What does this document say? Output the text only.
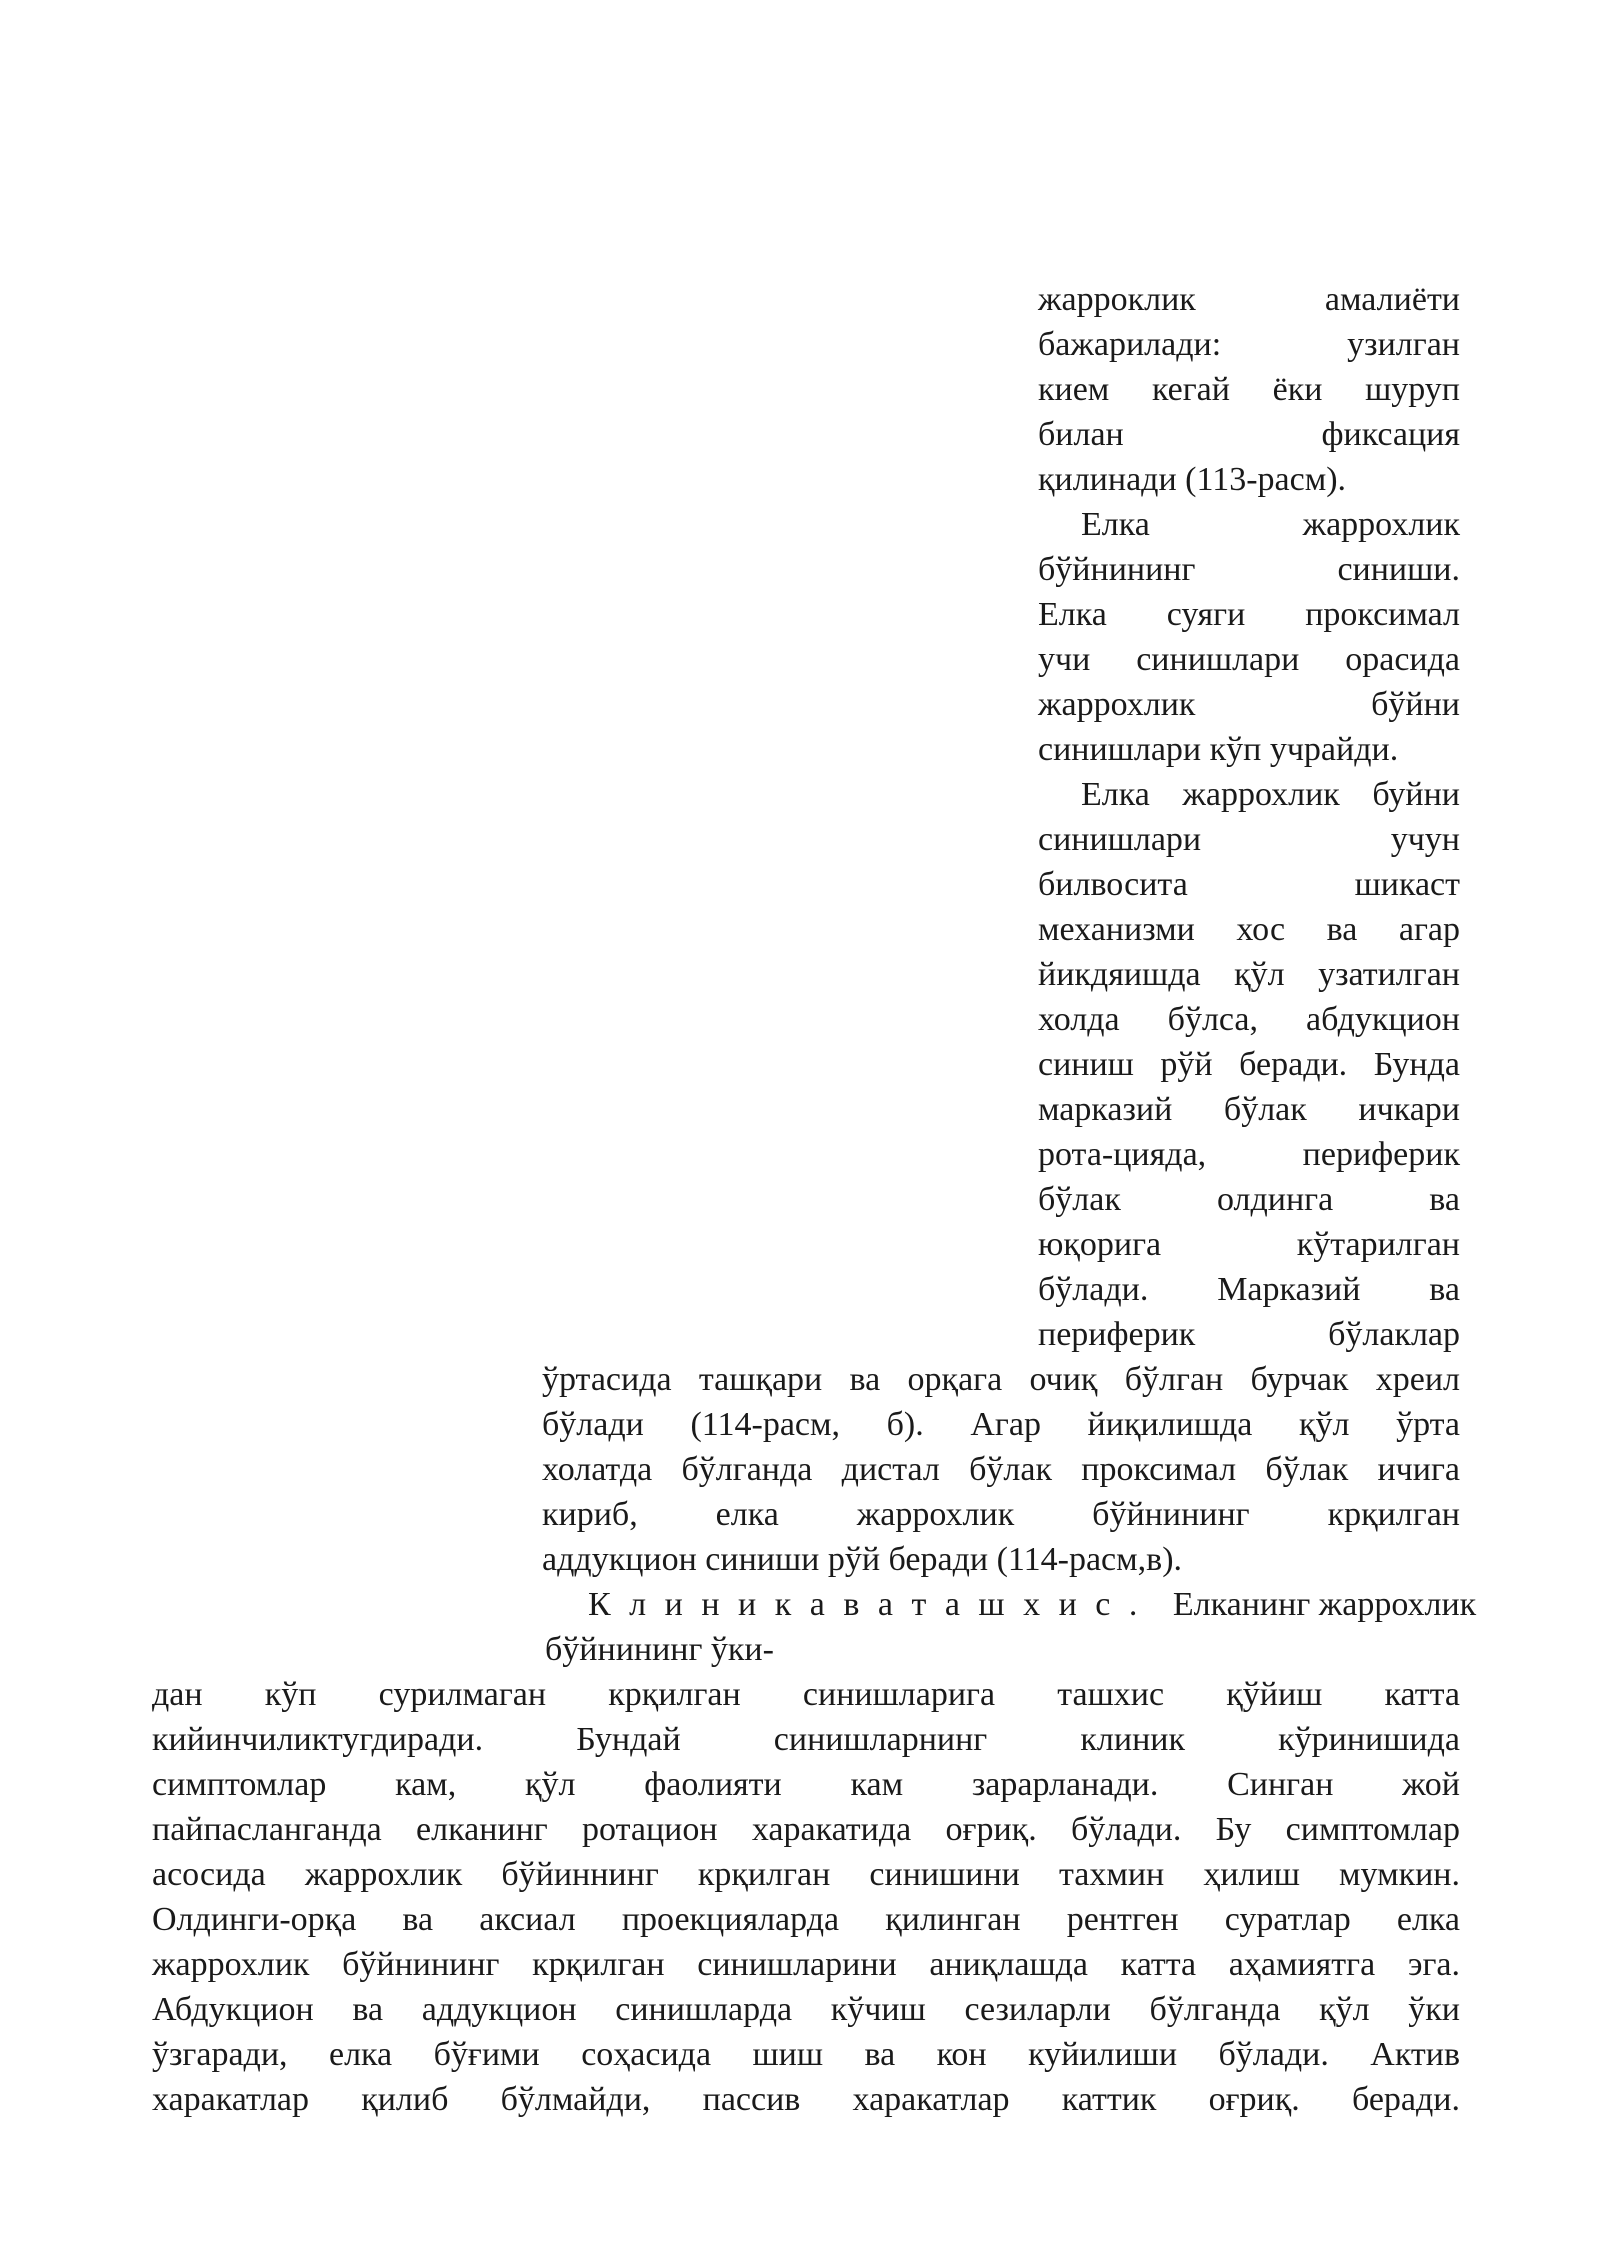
жарроклик амалиёти

бажарилади: узилган

кием кегай ёки шуруп

билан фиксация

қилинади (113-расм).

Елка жаррохлик

бўйнининг синиши.

Елка суяги проксимал

учи синишлари орасида

жаррохлик бўйни

синишлари кўп учрайди.

Елка жаррохлик буйни

синишлари учун

билвосита шикаст

механизми хос ва агар

йикдяишда қўл узатилган

холда бўлса, абдукцион

синиш рўй беради. Бунда

марказий бўлак ичкари

рота-цияда, периферик

бўлак олдинга ва

юқорига кўтарилган

бўлади. Марказий ва

периферик бўлаклар

ўртасида ташқари ва орқага очиқ бўлган бурчак хреил

бўлади (114-расм, б). Агар йиқилишда қўл ўрта

холатда бўлганда дистал бўлак проксимал бўлак ичига

кириб, елка жаррохлик бўйнининг крқилган

аддукцион синиши рўй беради (114-расм,в).

К л и н и к а в а т а ш х и с . Елканинг жаррохлик

бўйнининг ўки-

дан кўп сурилмаган крқилган синишларига ташхис қўйиш катта

кийинчиликтугдиради. Бундай синишларнинг клиник кўринишида

симптомлар кам, қўл фаолияти кам зарарланади. Синган жой

пайпасланганда елканинг ротацион харакатида оғриқ. бўлади. Бу симптомлар

асосида жаррохлик бўйиннинг крқилган синишини тахмин ҳилиш мумкин.

Олдинги-орқа ва аксиал проекцияларда қилинган рентген суратлар елка

жаррохлик бўйнининг крқилган синишларини аниқлашда катта аҳамиятга эга.

Абдукцион ва аддукцион синишларда кўчиш сезиларли бўлганда қўл ўки

ўзгаради, елка бўғими соҳасида шиш ва кон куйилиши бўлади. Актив

харакатлар қилиб бўлмайди, пассив харакатлар каттик оғриқ. беради.
